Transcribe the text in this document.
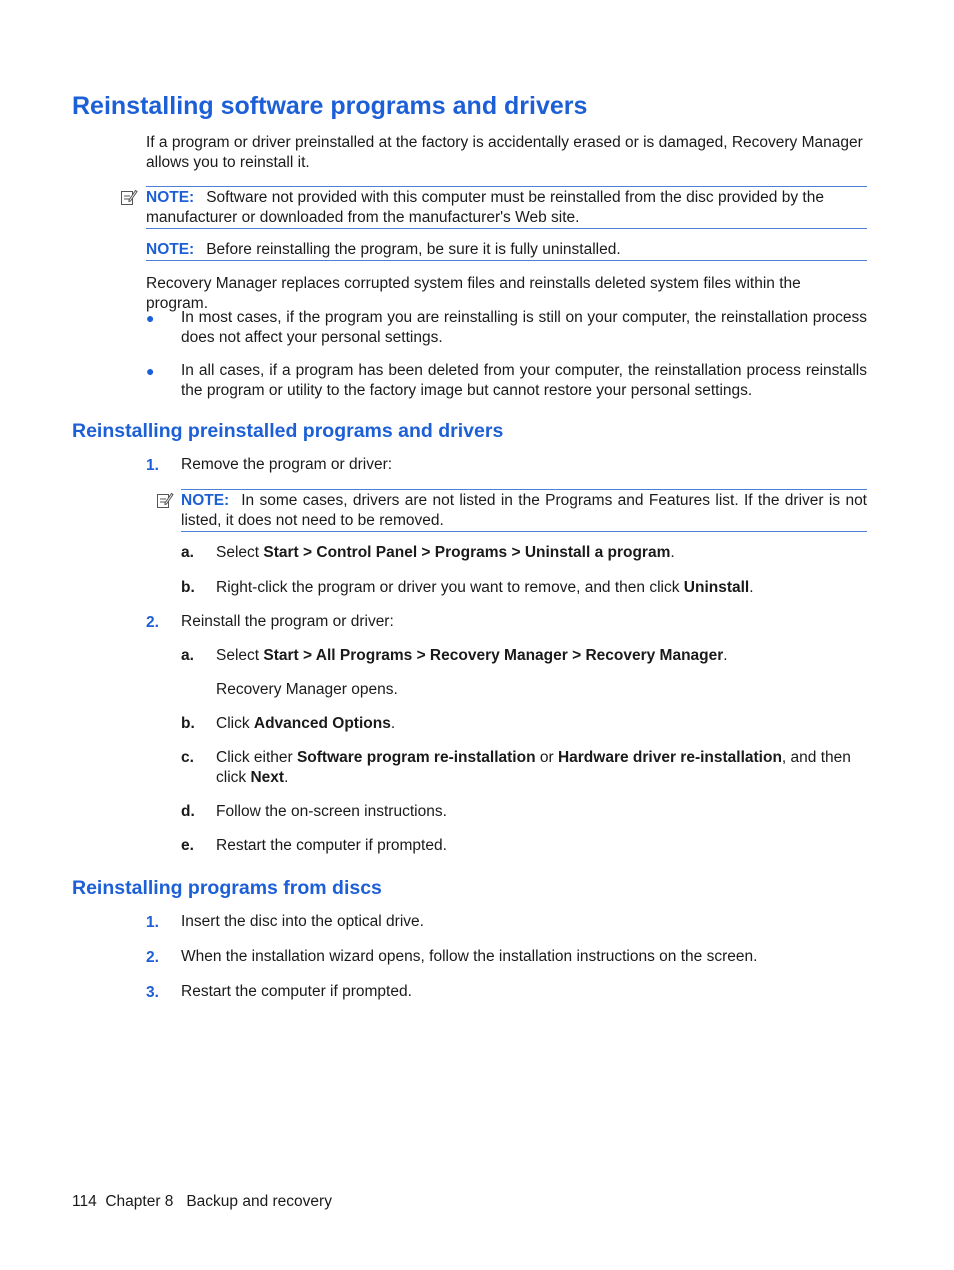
Reinstalling software programs and drivers
If a program or driver preinstalled at the factory is accidentally erased or is damaged, Recovery Manager allows you to reinstall it.
NOTE: Software not provided with this computer must be reinstalled from the disc provided by the manufacturer or downloaded from the manufacturer's Web site.
NOTE: Before reinstalling the program, be sure it is fully uninstalled.
Recovery Manager replaces corrupted system files and reinstalls deleted system files within the program.
● In most cases, if the program you are reinstalling is still on your computer, the reinstallation process does not affect your personal settings.
● In all cases, if a program has been deleted from your computer, the reinstallation process reinstalls the program or utility to the factory image but cannot restore your personal settings.
Reinstalling preinstalled programs and drivers
1. Remove the program or driver:
NOTE: In some cases, drivers are not listed in the Programs and Features list. If the driver is not listed, it does not need to be removed.
a. Select Start > Control Panel > Programs > Uninstall a program.
b. Right-click the program or driver you want to remove, and then click Uninstall.
2. Reinstall the program or driver:
a. Select Start > All Programs > Recovery Manager > Recovery Manager.
Recovery Manager opens.
b. Click Advanced Options.
c. Click either Software program re-installation or Hardware driver re-installation, and then click Next.
d. Follow the on-screen instructions.
e. Restart the computer if prompted.
Reinstalling programs from discs
1. Insert the disc into the optical drive.
2. When the installation wizard opens, follow the installation instructions on the screen.
3. Restart the computer if prompted.
114 Chapter 8 Backup and recovery
